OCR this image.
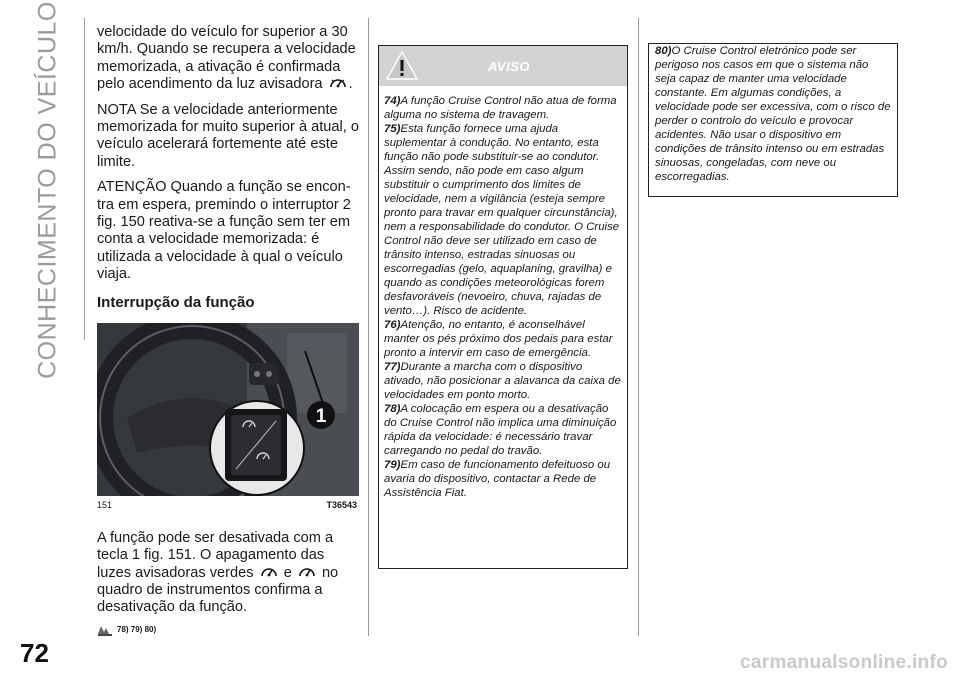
CONHECIMENTO DO VEÍCULO velocidade do veículo for superior a 30 km/h. Quando se recupera a velocidade memorizada, a ativação é confirmada pelo acendimento da luz avisadora .

NOTA Se a velocidade anteriormente memorizada for muito superior à atual, o veículo acelerará fortemente até este limite.

ATENÇÃO Quando a função se encon-tra em espera, premindo o interruptor 2 fig. 150 reativa-se a função sem ter em conta a velocidade memorizada: é utilizada a velocidade à qual o veículo viaja.

Interrupção da função
1
151	T36543

A função pode ser desativada com a tecla 1 fig. 151. O apagamento das luzes avisadoras verdes e no quadro de instrumentos confirma a desativação da função.

78) 79) 80)
AVISO

74)A função Cruise Control não atua de forma alguma no sistema de travagem.

75)Esta função fornece uma ajuda suplementar à condução. No entanto, esta função não pode substituir-se ao condutor. Assim sendo, não pode em caso algum substituir o cumprimento dos limites de velocidade, nem a vigilância (esteja sempre pronto para travar em qualquer circunstância), nem a responsabilidade do condutor. O Cruise Control não deve ser utilizado em caso de trânsito intenso, estradas sinuosas ou escorregadias (gelo, aquaplaning, gravilha) e quando as condições meteorológicas forem desfavoráveis (nevoeiro, chuva, rajadas de vento…). Risco de acidente.

76)Atenção, no entanto, é aconselhável manter os pés próximo dos pedais para estar pronto a intervir em caso de emergência.

77)Durante a marcha com o dispositivo ativado, não posicionar a alavanca da caixa de velocidades em ponto morto.

78)A colocação em espera ou a desativação do Cruise Control não implica uma diminuição rápida da velocidade: é necessário travar carregando no pedal do travão.

79)Em caso de funcionamento defeituoso ou avaria do dispositivo, contactar a Rede de Assistência Fiat.

80)O Cruise Control eletrónico pode ser perigoso nos casos em que o sistema não seja capaz de manter uma velocidade constante. Em algumas condições, a velocidade pode ser excessiva, com o risco de perder o controlo do veículo e provocar acidentes. Não usar o dispositivo em condições de trânsito intenso ou em estradas sinuosas, congeladas, com neve ou escorregadias.

72	carmanualsonline.info
